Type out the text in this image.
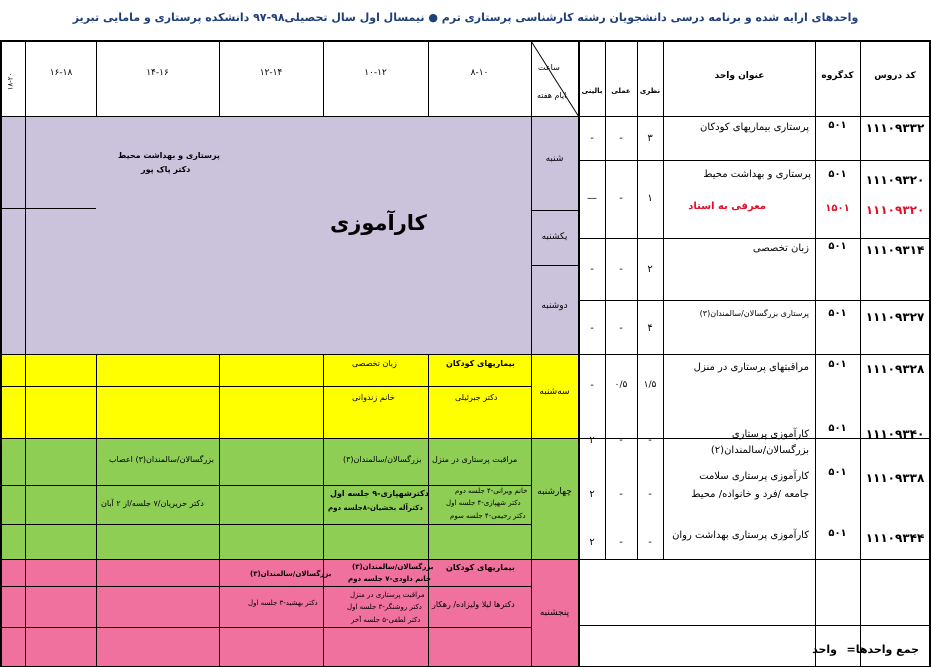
واحدهای ارایه شده و برنامه درسی دانشجویان رشته کارشناسی پرستاری ترم ● نیمسال اول سال تحصیلی۹۸-۹۷ دانشکده پرستاری و مامایی تبریز
ساعت
ایام هفته
۸-۱۰
۱۰-۱۲
۱۲-۱۴
۱۴-۱۶
۱۶-۱۸
۱۸-۲۰
شنبه
یکشنبه
دوشنبه
سه‌شنبه
چهارشنبه
پنجشنبه
کارآموزی
پرستاری و بهداشت محیط
دکتر پاک پور
بیماریهای کودکان
دکتر جبرئیلی
زبان تخصصی
خانم زندوانی
مراقبت پرستاری در منزل
خانم ویرانی-۴ جلسه دوم
دکتر شهپازی-۴ جلسه اول
دکتر رحیمی-۴ جلسه سوم
بزرگسالان/سالمندان(۳)
دکترشهپازی-۹ جلسه اول
دکترآله بخشیان-۸جلسه دوم
بزرگسالان/سالمندان(۳) اعصاب
دکتر حریریان/۷ جلسه/از ۲ آبان
بیماریهای کودکان
دکترها لیلا ولیزاده/ رهکار
بزرگسالان/سالمندان(۳)
خانم داودی-۷ جلسه دوم
مراقبت پرستاری در منزل
دکتر روشنگر-۳ جلسه اول
دکتر لطفی-۵ جلسه آخر
بزرگسالان/سالمندان(۳)
دکتر بهشید-۳ جلسه اول
کد دروس
کدگروه
عنوان واحد
نظری
عملی
بالینی
۱۱۱۰۹۳۳۲
۵۰۱
پرستاری بیماریهای کودکان
۳
-
-
۱۱۱۰۹۳۲۰
۵۰۱
پرستاری و بهداشت محیط
۱۱۱۰۹۳۲۰
۱۵۰۱
معرفی به استاد
۱
-
—
۱۱۱۰۹۳۱۴
۵۰۱
زبان تخصصی
۲
-
-
۱۱۱۰۹۳۲۷
۵۰۱
پرستاری بزرگسالان/سالمندان(۳)
۴
-
-
۱۱۱۰۹۳۲۸
۵۰۱
مراقبتهای پرستاری در منزل
۱/۵
۰/۵
-
۱۱۱۰۹۳۴۰
۵۰۱
کارآموزی پرستاری
بزرگسالان/سالمندان(۲)
-
-
۲
۱۱۱۰۹۳۳۸
۵۰۱
کارآموزی پرستاری سلامت
جامعه /فرد و خانواده/ محیط
-
-
۲
۱۱۱۰۹۳۴۴
۵۰۱
کارآموزی پرستاری بهداشت روان
-
-
۲
جمع واحدها=
واحد
